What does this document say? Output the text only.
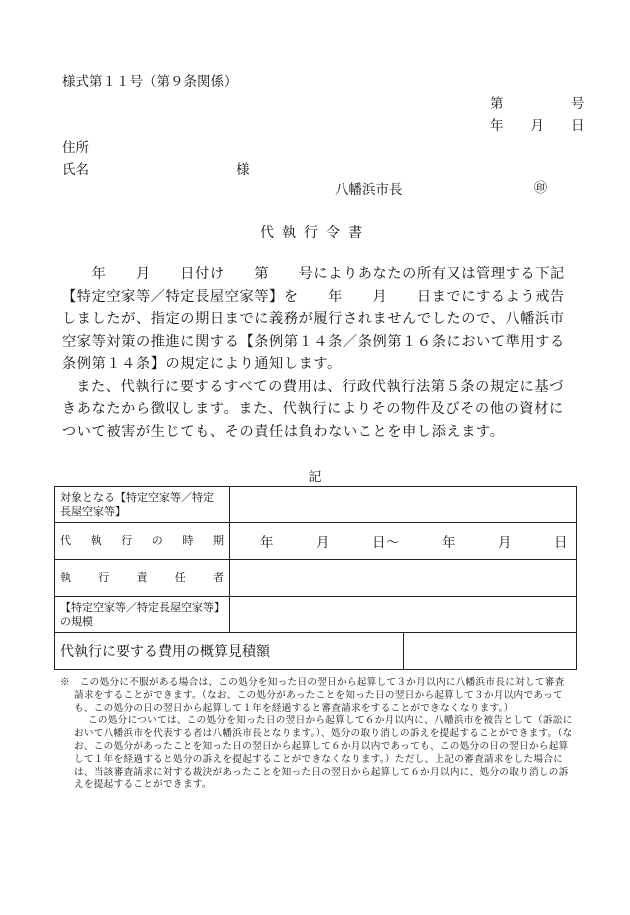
様式第１１号（第９条関係）
第　　　　　号
年　　月　　日
住所
氏名	様
八幡浜市長	㊞
代執行令書

　　年　　月　　日付け　　第　　号によりあなたの所有又は管理する下記【特定空家等／特定長屋空家等】を　　年　　月　　日までにするよう戒告しましたが、指定の期日までに義務が履行されませんでしたので、八幡浜市空家等対策の推進に関する【条例第１４条／条例第１６条において準用する条例第１４条】の規定により通知します。

また、代執行に要するすべての費用は、行政代執行法第５条の規定に基づきあなたから徴収します。また、代執行によりその物件及びその他の資材について被害が生じても、その責任は負わないことを申し添えます。

記
対象となる【特定空家等／特定長屋空家等】		
代執行の時期	年　　　月　　　日～　　　年　　　月　　　日	
執行責任者		
【特定空家等／特定長屋空家等】の規模		
代執行に要する費用の概算見積額		

※　この処分に不服がある場合は、この処分を知った日の翌日から起算して３か月以内に八幡浜市長に対して審査請求をすることができます。（なお、この処分があったことを知った日の翌日から起算して３か月以内であっても、この処分の日の翌日から起算して１年を経過すると審査請求をすることができなくなります。）

この処分については、この処分を知った日の翌日から起算して６か月以内に、八幡浜市を被告として（訴訟において八幡浜市を代表する者は八幡浜市長となります。）、処分の取り消しの訴えを提起することができます。（なお、この処分があったことを知った日の翌日から起算して６か月以内であっても、この処分の日の翌日から起算して１年を経過すると処分の訴えを提起することができなくなります。）ただし、上記の審査請求をした場合には、当該審査請求に対する裁決があったことを知った日の翌日から起算して６か月以内に、処分の取り消しの訴えを提起することができます。
